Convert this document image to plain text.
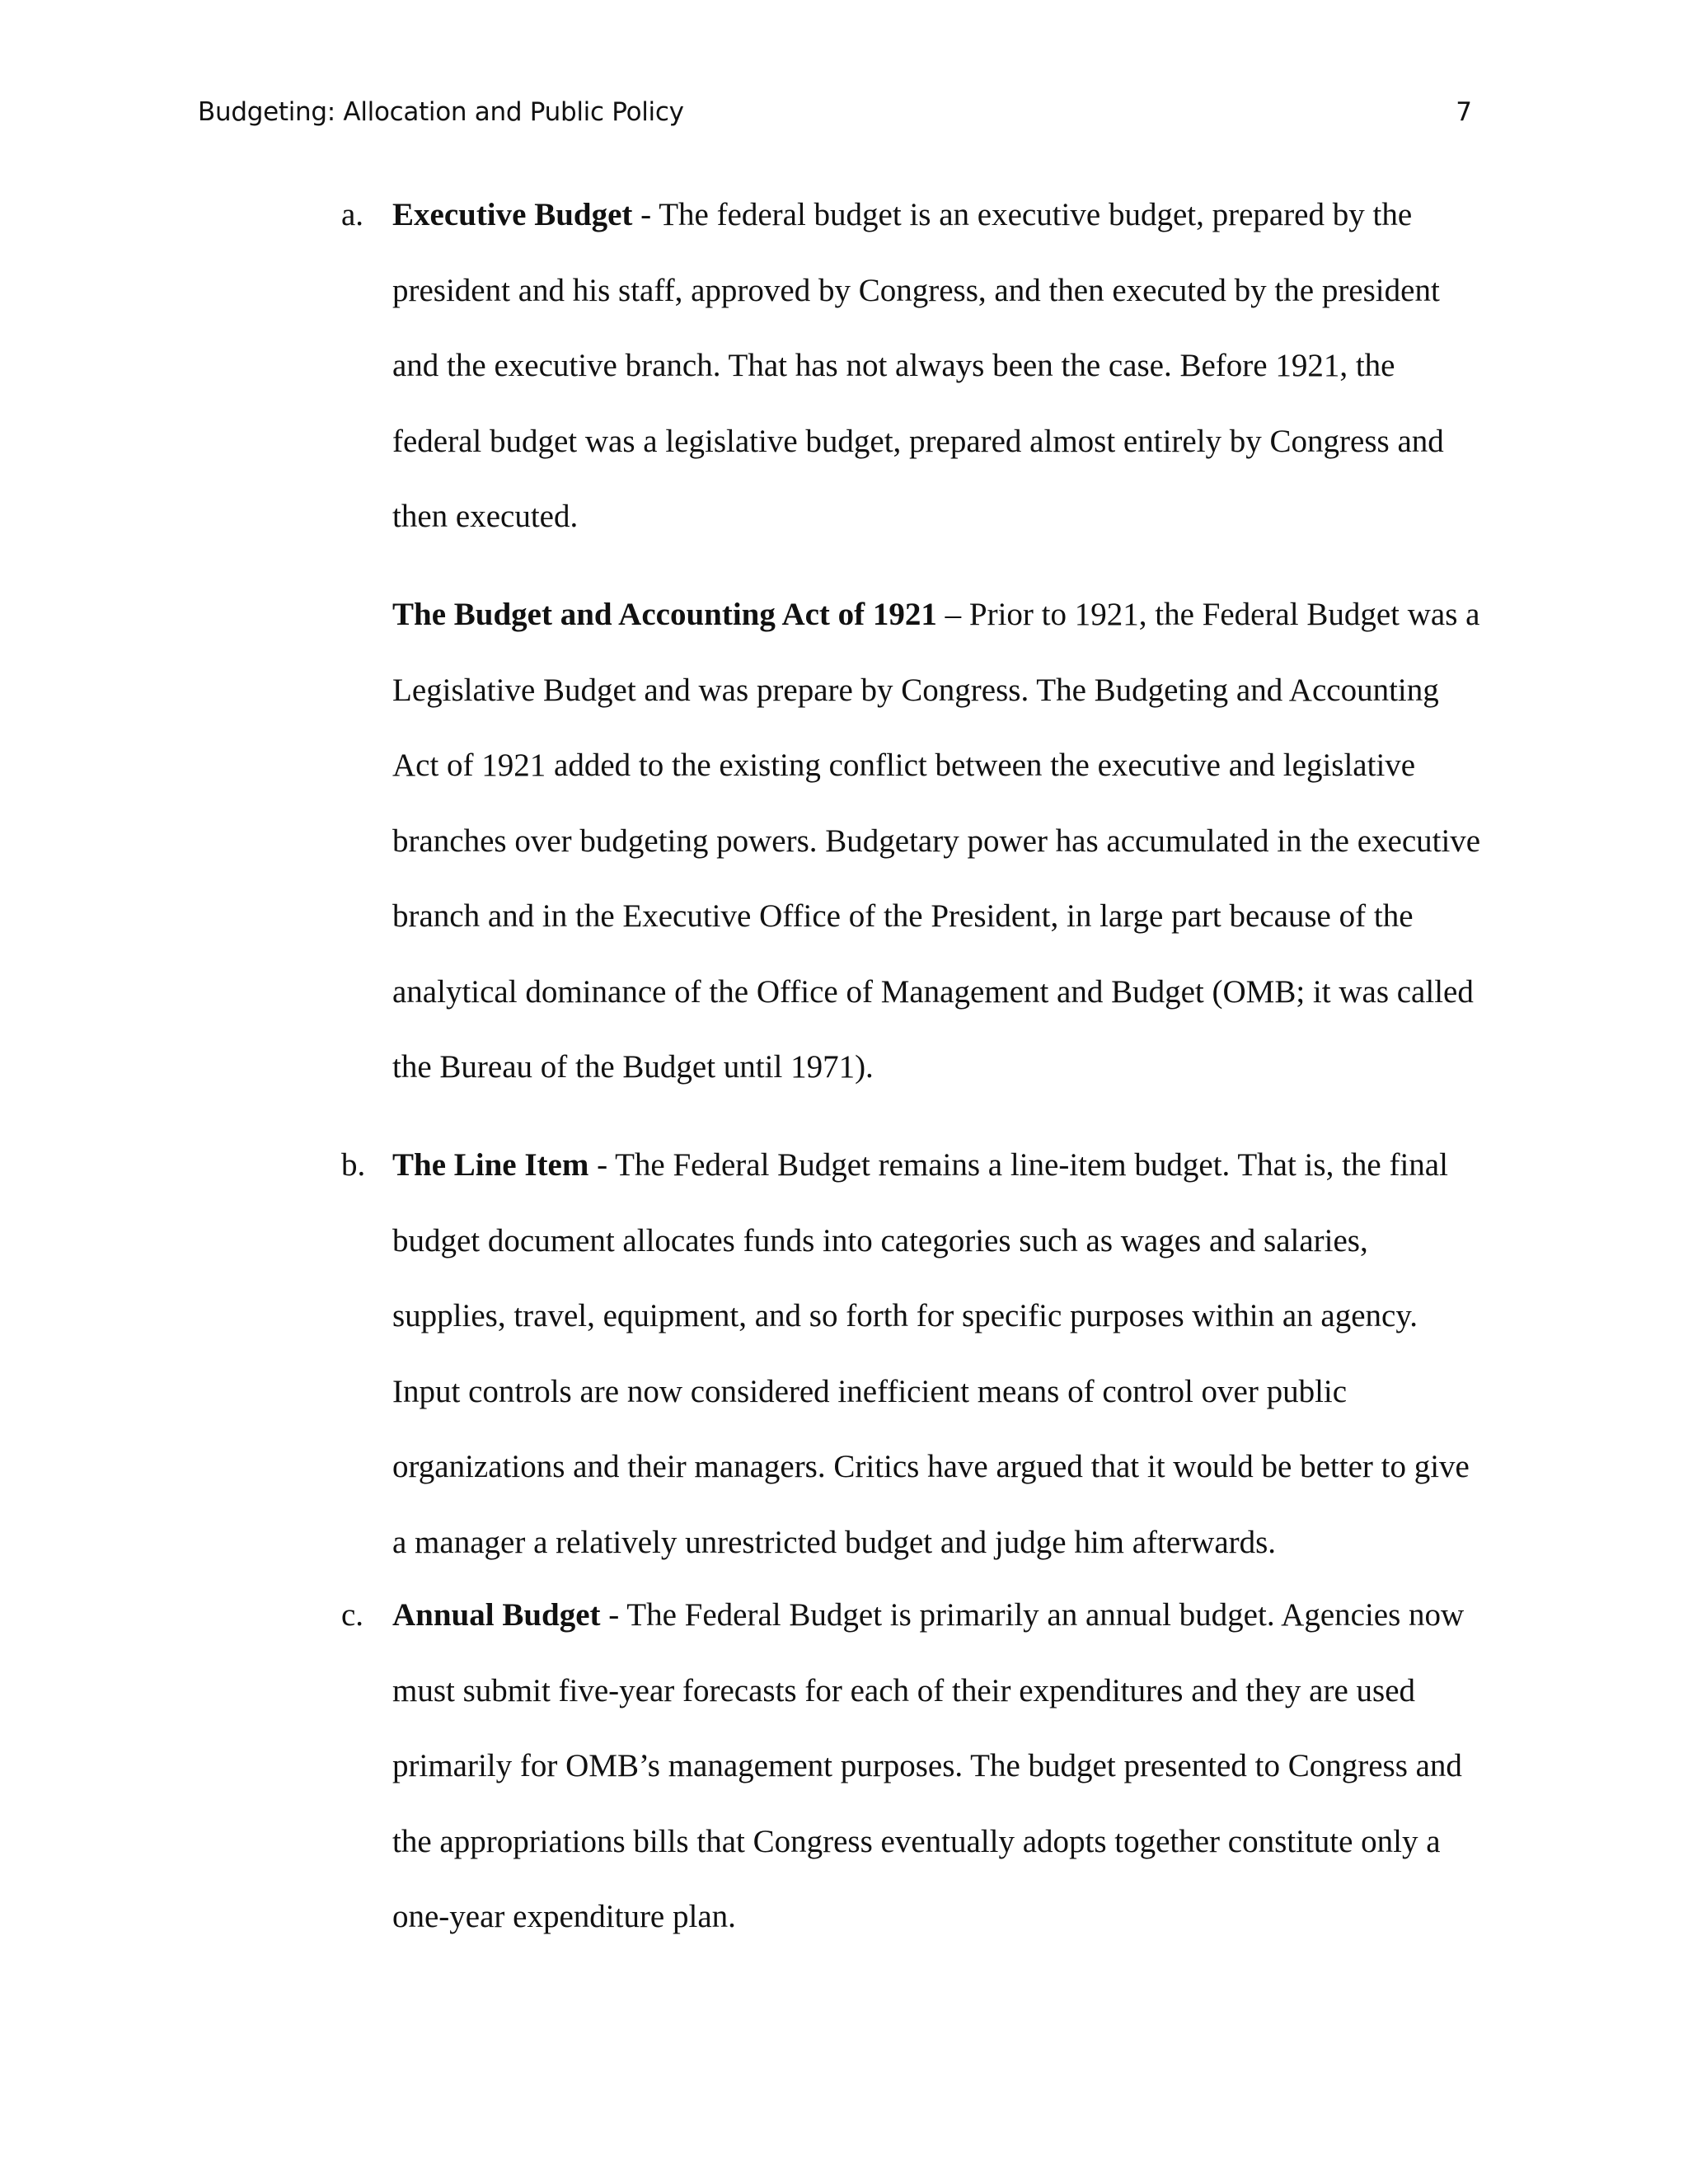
Budgeting: Allocation and Public Policy	7
a. Executive Budget - The federal budget is an executive budget, prepared by the president and his staff, approved by Congress, and then executed by the president and the executive branch. That has not always been the case. Before 1921, the federal budget was a legislative budget, prepared almost entirely by Congress and then executed.

The Budget and Accounting Act of 1921 – Prior to 1921, the Federal Budget was a Legislative Budget and was prepare by Congress. The Budgeting and Accounting Act of 1921 added to the existing conflict between the executive and legislative branches over budgeting powers. Budgetary power has accumulated in the executive branch and in the Executive Office of the President, in large part because of the analytical dominance of the Office of Management and Budget (OMB; it was called the Bureau of the Budget until 1971).

b. The Line Item - The Federal Budget remains a line-item budget. That is, the final budget document allocates funds into categories such as wages and salaries, supplies, travel, equipment, and so forth for specific purposes within an agency. Input controls are now considered inefficient means of control over public organizations and their managers. Critics have argued that it would be better to give a manager a relatively unrestricted budget and judge him afterwards.

c. Annual Budget - The Federal Budget is primarily an annual budget. Agencies now must submit five-year forecasts for each of their expenditures and they are used primarily for OMB’s management purposes. The budget presented to Congress and the appropriations bills that Congress eventually adopts together constitute only a one-year expenditure plan.
